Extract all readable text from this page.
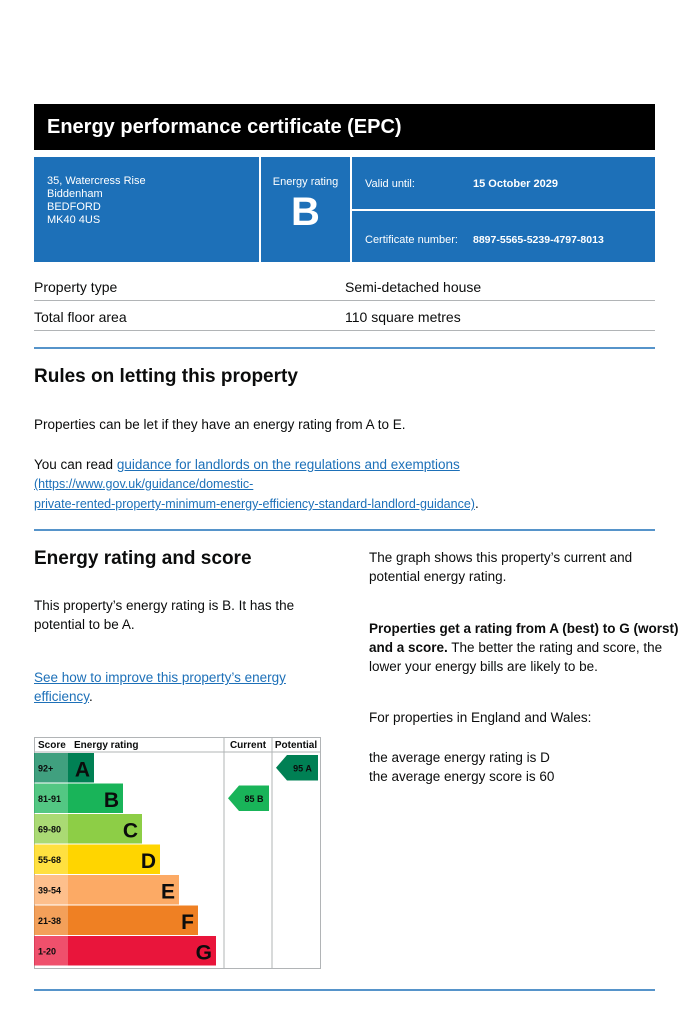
Energy performance certificate (EPC)
35, Watercress Rise
Biddenham
BEDFORD
MK40 4US
Energy rating
B
Valid until:	15 October 2029
Certificate number: 8897-5565-5239-4797-8013
Property type	Semi-detached house
Total floor area	110 square metres
Rules on letting this property
Properties can be let if they have an energy rating from A to E.
You can read guidance for landlords on the regulations and exemptions (https://www.gov.uk/guidance/domestic-
private-rented-property-minimum-energy-efficiency-standard-landlord-guidance).
Energy rating and score
This property’s energy rating is B. It has the
potential to be A.
See how to improve this property’s energy
efficiency.
The graph shows this property’s current and
potential energy rating.
Properties get a rating from A (best) to G (worst)
and a score. The better the rating and score, the
lower your energy bills are likely to be.
For properties in England and Wales:
the average energy rating is D
the average energy score is 60
Score Energy rating	Current Potential
92+ A
81-91 B
69-80	C
55-68	D
39-54	E
21-38	F
1-20	G
85 B
95 A
